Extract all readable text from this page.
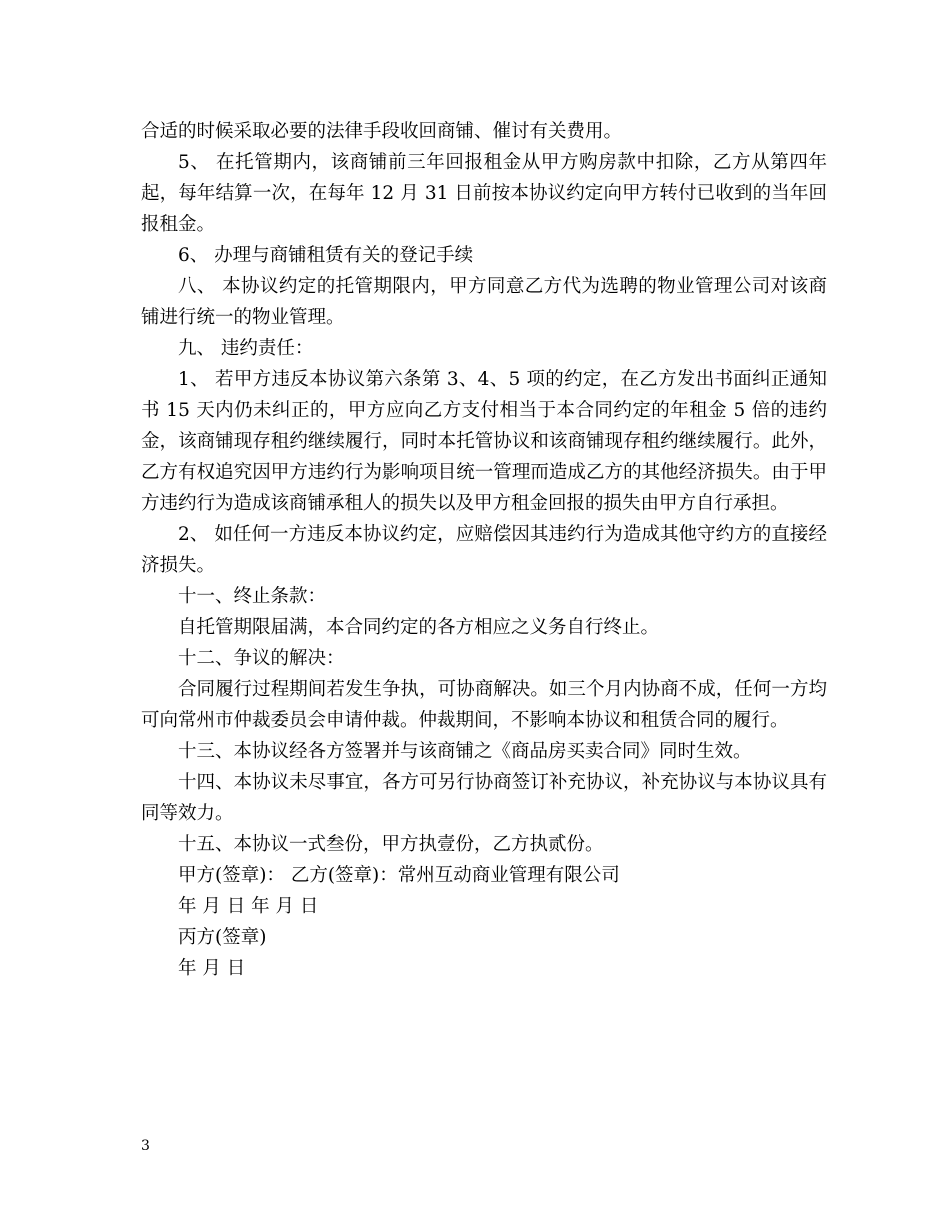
合适的时候采取必要的法律手段收回商铺、催讨有关费用。

5、 在托管期内，该商铺前三年回报租金从甲方购房款中扣除，乙方从第四年起，每年结算一次，在每年 12 月 31 日前按本协议约定向甲方转付已收到的当年回报租金。

6、 办理与商铺租赁有关的登记手续

八、 本协议约定的托管期限内，甲方同意乙方代为选聘的物业管理公司对该商铺进行统一的物业管理。

九、 违约责任：

1、 若甲方违反本协议第六条第 3、4、5 项的约定，在乙方发出书面纠正通知书 15 天内仍未纠正的，甲方应向乙方支付相当于本合同约定的年租金 5 倍的违约金，该商铺现存租约继续履行，同时本托管协议和该商铺现存租约继续履行。此外，乙方有权追究因甲方违约行为影响项目统一管理而造成乙方的其他经济损失。由于甲方违约行为造成该商铺承租人的损失以及甲方租金回报的损失由甲方自行承担。

2、 如任何一方违反本协议约定，应赔偿因其违约行为造成其他守约方的直接经济损失。

十一、终止条款：

自托管期限届满，本合同约定的各方相应之义务自行终止。

十二、争议的解决：

合同履行过程期间若发生争执，可协商解决。如三个月内协商不成，任何一方均可向常州市仲裁委员会申请仲裁。仲裁期间，不影响本协议和租赁合同的履行。

十三、本协议经各方签署并与该商铺之《商品房买卖合同》同时生效。

十四、本协议未尽事宜，各方可另行协商签订补充协议，补充协议与本协议具有同等效力。

十五、本协议一式叁份，甲方执壹份，乙方执贰份。

甲方(签章)： 乙方(签章)：常州互动商业管理有限公司

年 月 日 年 月 日

丙方(签章)

年 月 日

3
